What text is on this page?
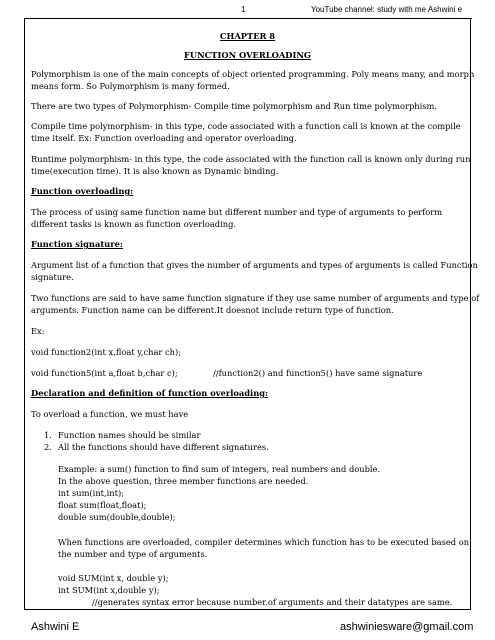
1	YouTube channel: study with me Ashwini e
CHAPTER 8
FUNCTION OVERLOADING
Polymorphism is one of the main concepts of object oriented programming. Poly means many, and morph
means form. So Polymorphism is many formed.
There are two types of Polymorphism- Compile time polymorphism and Run time polymorphism.
Compile time polymorphism- in this type, code associated with a function call is known at the compile
time itself. Ex: Function overloading and operator overloading.
Runtime polymorphism- in this type, the code associated with the function call is known only during run
time(execution time). It is also known as Dynamic binding.
Function overloading:
The process of using same function name but different number and type of arguments to perform
different tasks is known as function overloading.
Function signature:
Argument list of a function that gives the number of arguments and types of arguments is called Function
signature.
Two functions are said to have same function signature if they use same number of arguments and type of
arguments. Function name can be different.It doesnot include return type of function.
Ex:
void function2(int x,float y,char ch);
void function5(int a,float b,char c);	//function2() and function5() have same signature
Declaration and definition of function overloading:
To overload a function, we must have
1. Function names should be similar
2. All the functions should have different signatures.
Example: a sum() function to find sum of integers, real numbers and double.
In the above question, three member functions are needed.
int sum(int,int);
float sum(float,float);
double sum(double,double);
When functions are overloaded, compiler determines which function has to be executed based on
the number and type of arguments.
void SUM(int x, double y);
int SUM(int x,double y);
//generates syntax error because number.of arguments and their datatypes are same.
Ashwini E	ashwiniesware@gmail.com
